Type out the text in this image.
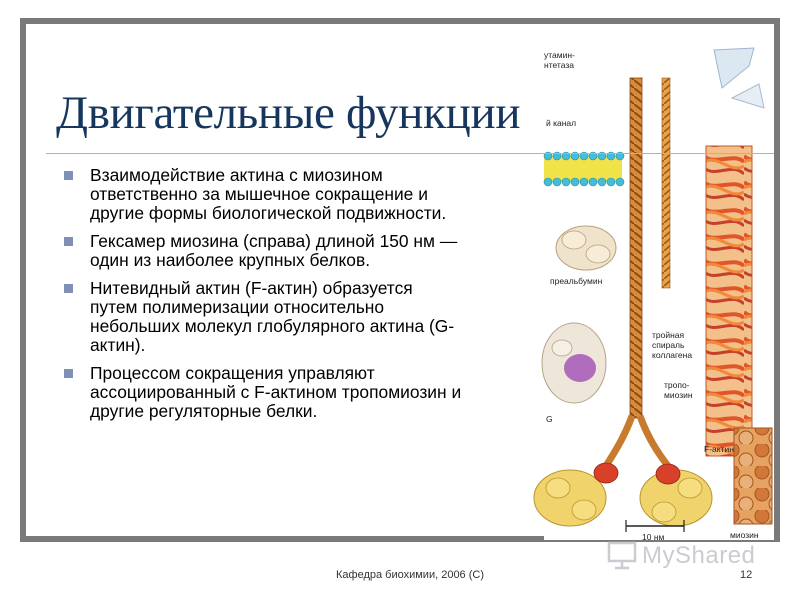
утамин-
нтетаза
й канал
преальбумин
G
тройная
спираль
коллагена
F-актин
тропо-
миозин
10 нм	миозин
Двигательные функции
Взаимодействие актина с миозином ответственно за мышечное сокращение и другие формы биологической подвижности.
Гексамер миозина (справа) длиной 150 нм — один из наиболее крупных белков.
Нитевидный актин (F-актин) образуется путем полимеризации относительно небольших молекул глобулярного актина (G-актин).
Процессом сокращения управляют ассоциированный с F-актином тропомиозин и другие регуляторные белки.
MyShared
Кафедра биохимии, 2006 (С)	12
